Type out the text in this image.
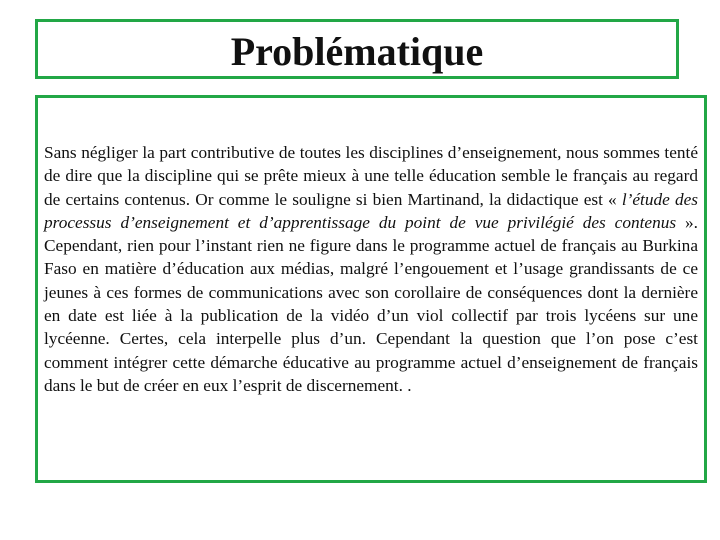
Problématique

Sans négliger la part contributive de toutes les disciplines d’enseignement, nous sommes tenté de dire que la discipline qui se prête mieux à une telle éducation semble le français au regard de certains contenus. Or comme le souligne si bien Martinand, la didactique est « l’étude des processus d’enseignement et d’apprentissage du point de vue privilégié des contenus ». Cependant, rien pour l’instant rien ne figure dans le programme actuel de français au Burkina Faso en matière d’éducation aux médias, malgré l’engouement et l’usage grandissants de ce jeunes à ces formes de communications avec son corollaire de conséquences dont la dernière en date est liée à la publication de la vidéo d’un viol collectif par trois lycéens sur une lycéenne. Certes, cela interpelle plus d’un. Cependant la question que l’on pose c’est comment intégrer cette démarche éducative au programme actuel d’enseignement de français dans le but de créer en eux l’esprit de discernement. .
